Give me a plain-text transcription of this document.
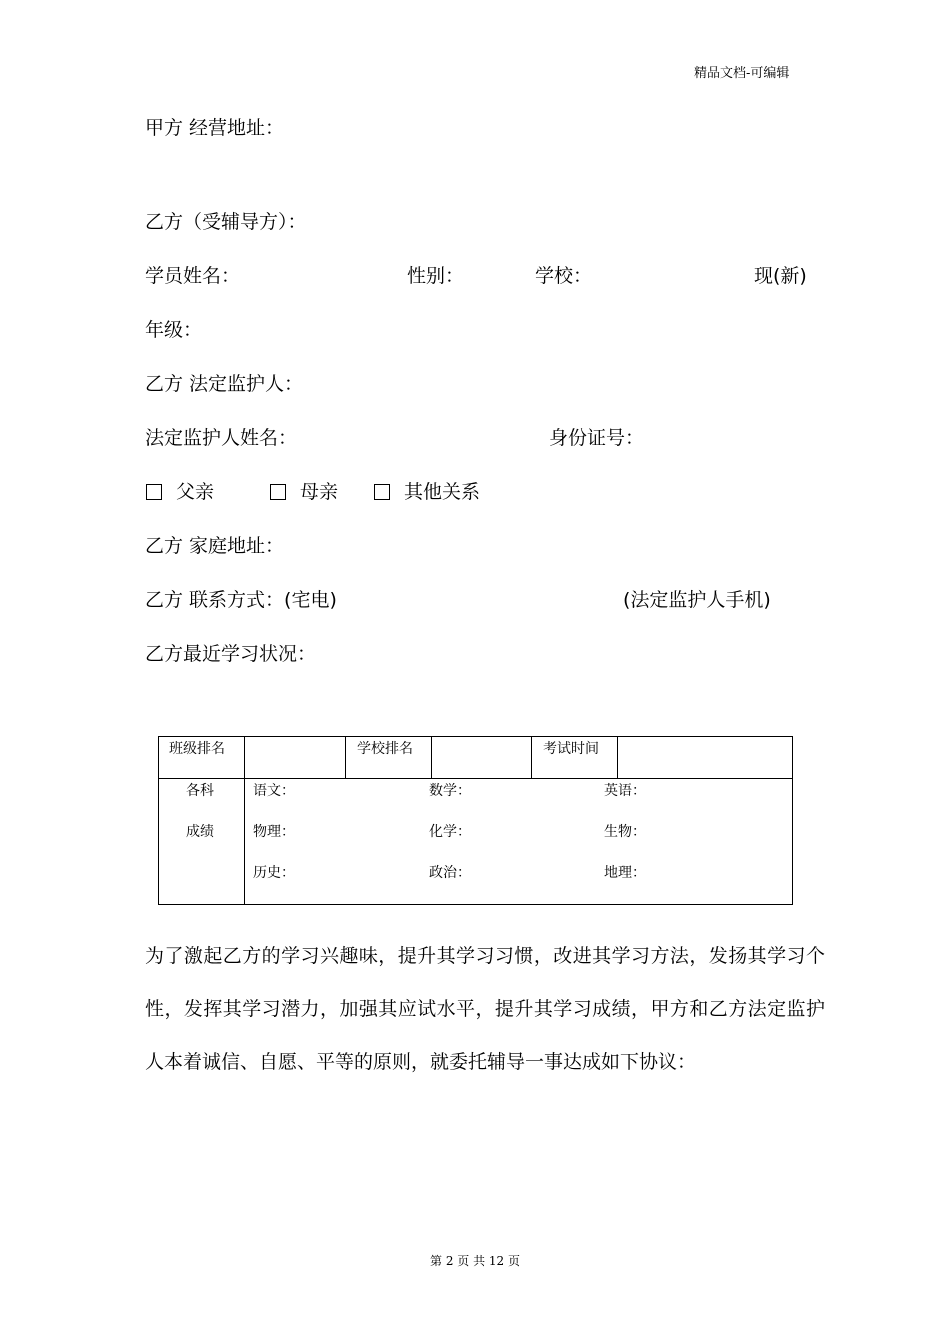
精品文档-可编辑
甲方 经营地址：
乙方（受辅导方）：
学员姓名：	性别：	学校：	现(新)
年级：
乙方 法定监护人：
法定监护人姓名：	身份证号：
父亲	母亲	其他关系
乙方 家庭地址：
乙方 联系方式：(宅电)	(法定监护人手机)
乙方最近学习状况：
班级排名	学校排名	考试时间
各科
成绩
语文：	数学：	英语：
物理：	化学：	生物：
历史：	政治：	地理：
为了激起乙方的学习兴趣味，提升其学习习惯，改进其学习方法，发扬其学习个性，发挥其学习潜力，加强其应试水平，提升其学习成绩，甲方和乙方法定监护人本着诚信、自愿、平等的原则，就委托辅导一事达成如下协议：
第 2 页 共 12 页
